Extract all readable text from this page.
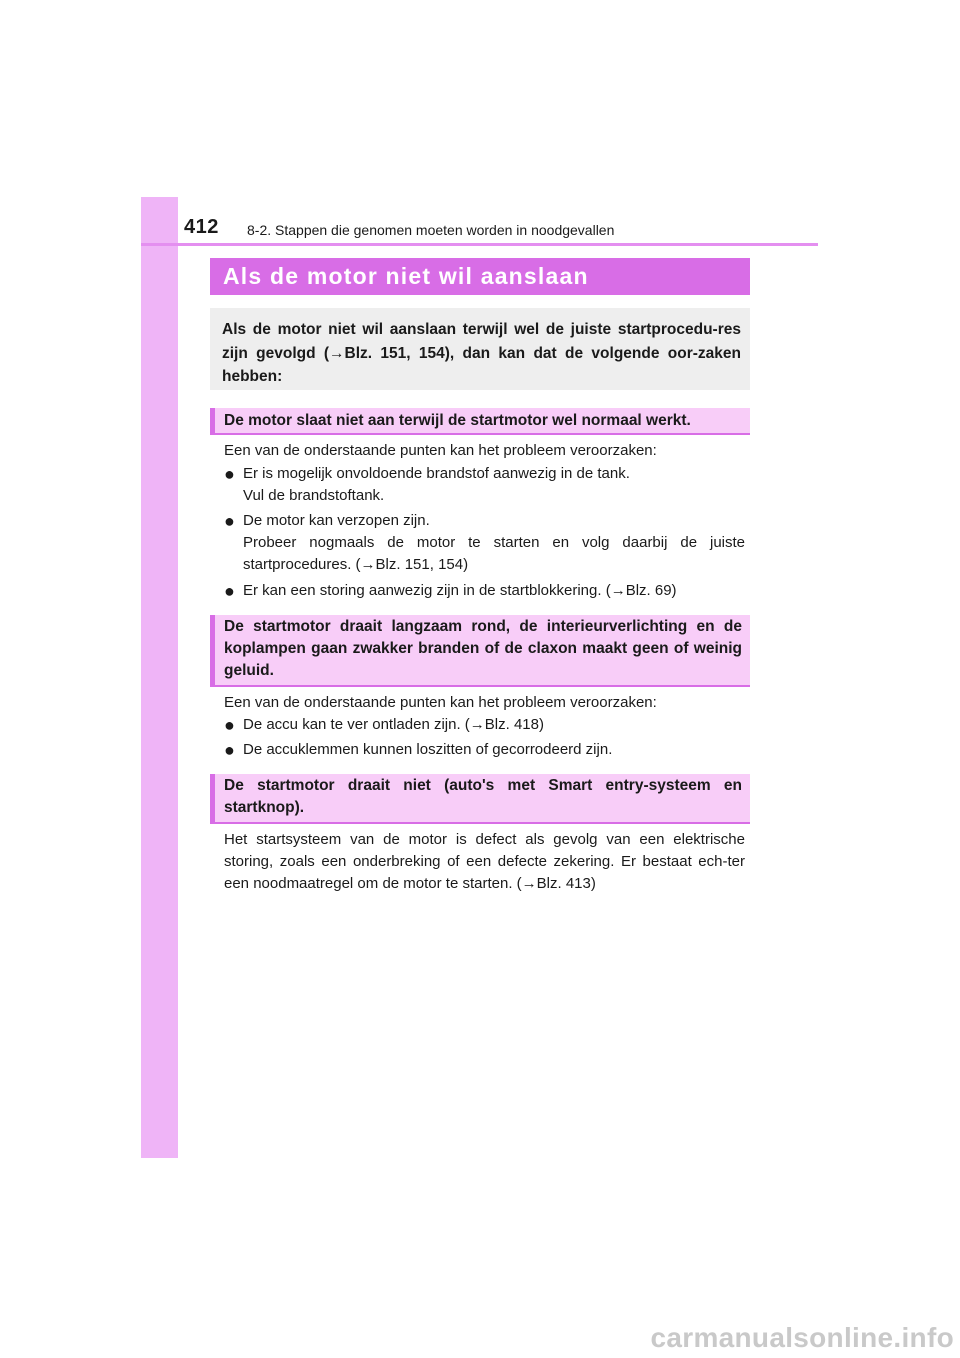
412 8-2. Stappen die genomen moeten worden in noodgevallen
Als de motor niet wil aanslaan
Als de motor niet wil aanslaan terwijl wel de juiste startprocedu-res zijn gevolgd (→Blz. 151, 154), dan kan dat de volgende oor-zaken hebben:
De motor slaat niet aan terwijl de startmotor wel normaal werkt.
Een van de onderstaande punten kan het probleem veroorzaken:
● Er is mogelijk onvoldoende brandstof aanwezig in de tank.
Vul de brandstoftank.
● De motor kan verzopen zijn.
Probeer nogmaals de motor te starten en volg daarbij de juiste startprocedures. (→Blz. 151, 154)
● Er kan een storing aanwezig zijn in de startblokkering. (→Blz. 69)
De startmotor draait langzaam rond, de interieurverlichting en de koplampen gaan zwakker branden of de claxon maakt geen of weinig geluid.
Een van de onderstaande punten kan het probleem veroorzaken:
● De accu kan te ver ontladen zijn. (→Blz. 418)
● De accuklemmen kunnen loszitten of gecorrodeerd zijn.
De startmotor draait niet (auto's met Smart entry-systeem en startknop).
Het startsysteem van de motor is defect als gevolg van een elektrische storing, zoals een onderbreking of een defecte zekering. Er bestaat ech-ter een noodmaatregel om de motor te starten. (→Blz. 413)
carmanualsonline.info
